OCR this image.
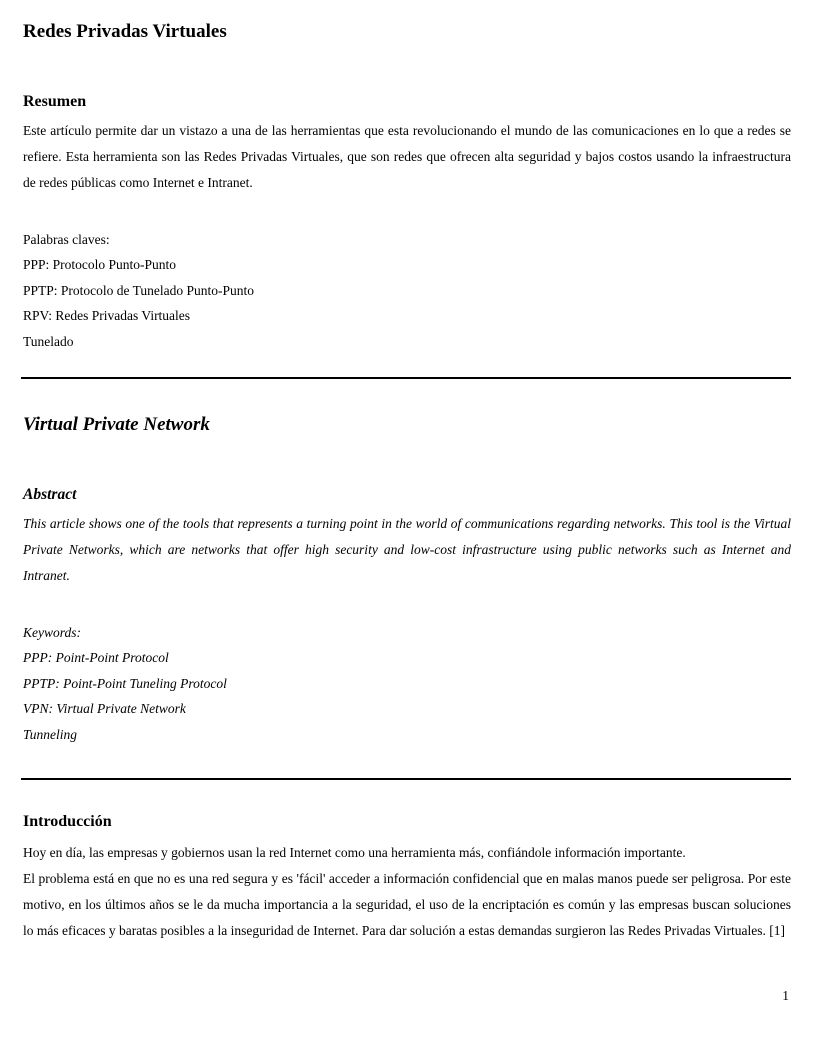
Redes Privadas Virtuales
Resumen

Este artículo permite dar un vistazo a una de las herramientas que esta revolucionando el mundo de las comunicaciones en lo que a redes se refiere. Esta herramienta son las Redes Privadas Virtuales, que son redes que ofrecen alta seguridad y bajos costos usando la infraestructura de redes públicas como Internet e Intranet.

Palabras claves:
PPP: Protocolo Punto-Punto
PPTP: Protocolo de Tunelado Punto-Punto
RPV: Redes Privadas Virtuales
Tunelado
Virtual Private Network
Abstract

This article shows one of the tools that represents a turning point in the world of communications regarding networks. This tool is the Virtual Private Networks, which are networks that offer high security and low-cost infrastructure using public networks such as Internet and Intranet.

Keywords:
PPP: Point-Point Protocol
PPTP: Point-Point Tuneling Protocol
VPN: Virtual Private Network
Tunneling
Introducción

Hoy en día, las empresas y gobiernos usan la red Internet como una herramienta más, confiándole información importante.

El problema está en que no es una red segura y es 'fácil' acceder a información confidencial que en malas manos puede ser peligrosa. Por este motivo, en los últimos años se le da mucha importancia a la seguridad, el uso de la encriptación es común y las empresas buscan soluciones lo más eficaces y baratas posibles a la inseguridad de Internet. Para dar solución a estas demandas surgieron las Redes Privadas Virtuales. [1]

1
